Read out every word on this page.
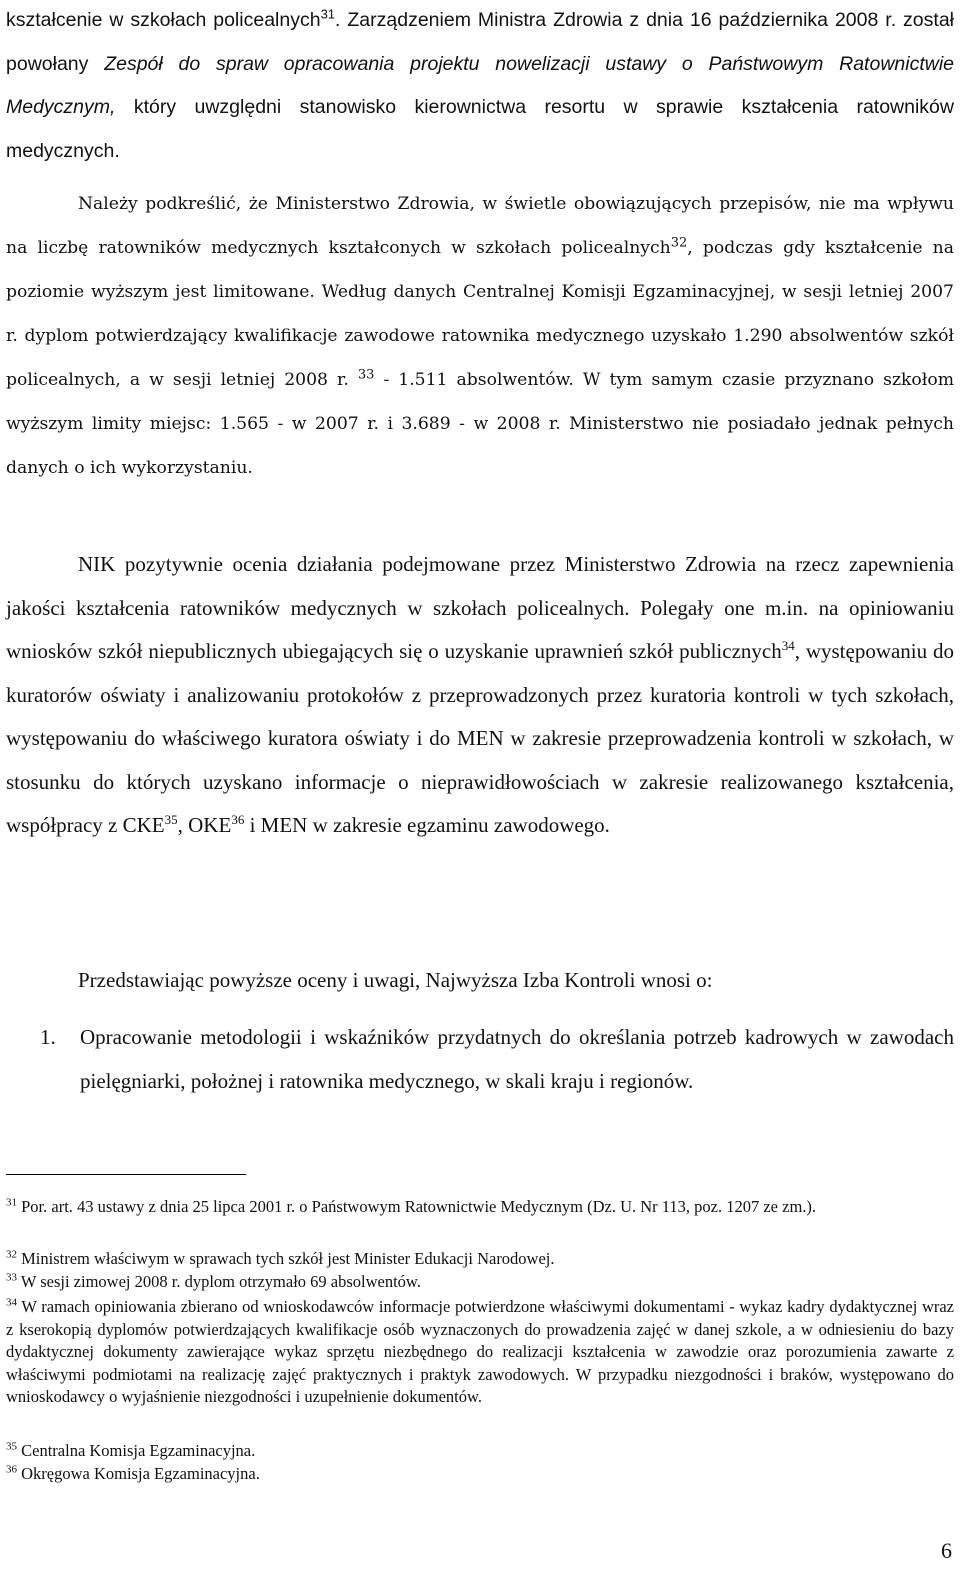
kształcenie w szkołach policealnych$^{31}$. Zarządzeniem Ministra Zdrowia z dnia 16 października 2008 r. został powołany Zespół do spraw opracowania projektu nowelizacji ustawy o Państwowym Ratownictwie Medycznym, który uwzględni stanowisko kierownictwa resortu w sprawie kształcenia ratowników medycznych.

Należy podkreślić, że Ministerstwo Zdrowia, w świetle obowiązujących przepisów, nie ma wpływu na liczbę ratowników medycznych kształconych w szkołach policealnych$^{32}$, podczas gdy kształcenie na poziomie wyższym jest limitowane. Według danych Centralnej Komisji Egzaminacyjnej, w sesji letniej 2007 r. dyplom potwierdzający kwalifikacje zawodowe ratownika medycznego uzyskało 1.290 absolwentów szkół policealnych, a w sesji letniej 2008 r. $^{33}$ - 1.511 absolwentów. W tym samym czasie przyznano szkołom wyższym limity miejsc: 1.565 - w 2007 r. i 3.689 - w 2008 r. Ministerstwo nie posiadało jednak pełnych danych o ich wykorzystaniu.

NIK pozytywnie ocenia działania podejmowane przez Ministerstwo Zdrowia na rzecz zapewnienia jakości kształcenia ratowników medycznych w szkołach policealnych. Polegały one m.in. na opiniowaniu wniosków szkół niepublicznych ubiegających się o uzyskanie uprawnień szkół publicznych$^{34}$, występowaniu do kuratorów oświaty i analizowaniu protokołów z przeprowadzonych przez kuratoria kontroli w tych szkołach, występowaniu do właściwego kuratora oświaty i do MEN w zakresie przeprowadzenia kontroli w szkołach, w stosunku do których uzyskano informacje o nieprawidłowościach w zakresie realizowanego kształcenia, współpracy z CKE$^{35}$, OKE$^{36}$ i MEN w zakresie egzaminu zawodowego.

Przedstawiając powyższe oceny i uwagi, Najwyższa Izba Kontroli wnosi o:

1. Opracowanie metodologii i wskaźników przydatnych do określania potrzeb kadrowych w zawodach pielęgniarki, położnej i ratownika medycznego, w skali kraju i regionów.

$^{31}$ Por. art. 43 ustawy z dnia 25 lipca 2001 r. o Państwowym Ratownictwie Medycznym (Dz. U. Nr 113, poz. 1207 ze zm.).

$^{32}$ Ministrem właściwym w sprawach tych szkół jest Minister Edukacji Narodowej.

$^{33}$ W sesji zimowej 2008 r. dyplom otrzymało 69 absolwentów.

$^{34}$ W ramach opiniowania zbierano od wnioskodawców informacje potwierdzone właściwymi dokumentami - wykaz kadry dydaktycznej wraz z kserokopią dyplomów potwierdzających kwalifikacje osób wyznaczonych do prowadzenia zajęć w danej szkole, a w odniesieniu do bazy dydaktycznej dokumenty zawierające wykaz sprzętu niezbędnego do realizacji kształcenia w zawodzie oraz porozumienia zawarte z właściwymi podmiotami na realizację zajęć praktycznych i praktyk zawodowych. W przypadku niezgodności i braków, występowano do wnioskodawcy o wyjaśnienie niezgodności i uzupełnienie dokumentów.

$^{35}$ Centralna Komisja Egzaminacyjna.

$^{36}$ Okręgowa Komisja Egzaminacyjna.

6
